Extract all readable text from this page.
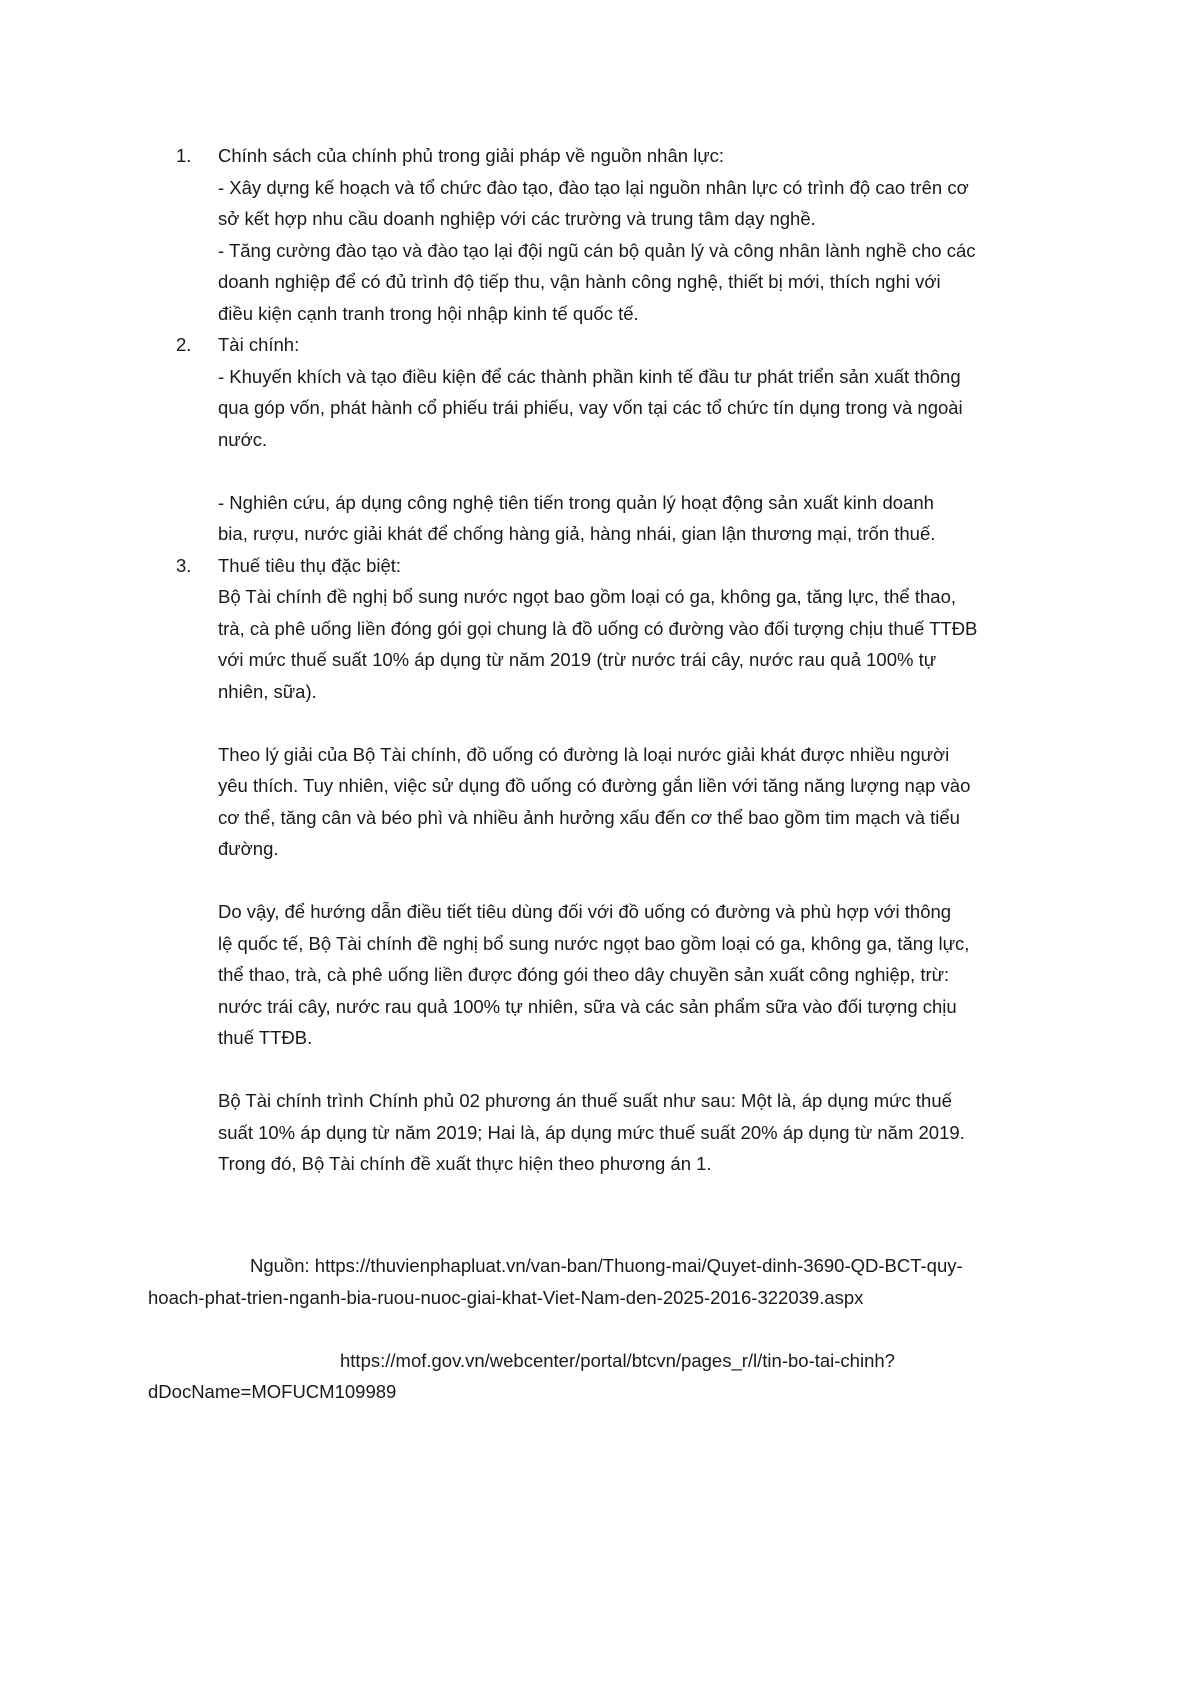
1. Chính sách của chính phủ trong giải pháp về nguồn nhân lực:
- Xây dựng kế hoạch và tổ chức đào tạo, đào tạo lại nguồn nhân lực có trình độ cao trên cơ
sở kết hợp nhu cầu doanh nghiệp với các trường và trung tâm dạy nghề.
- Tăng cường đào tạo và đào tạo lại đội ngũ cán bộ quản lý và công nhân lành nghề cho các
doanh nghiệp để có đủ trình độ tiếp thu, vận hành công nghệ, thiết bị mới, thích nghi với
điều kiện cạnh tranh trong hội nhập kinh tế quốc tế.
2. Tài chính:
- Khuyến khích và tạo điều kiện để các thành phần kinh tế đầu tư phát triển sản xuất thông
qua góp vốn, phát hành cổ phiếu trái phiếu, vay vốn tại các tổ chức tín dụng trong và ngoài
nước.
- Nghiên cứu, áp dụng công nghệ tiên tiến trong quản lý hoạt động sản xuất kinh doanh
bia, rượu, nước giải khát để chống hàng giả, hàng nhái, gian lận thương mại, trốn thuế.
3. Thuế tiêu thụ đặc biệt:
Bộ Tài chính đề nghị bổ sung nước ngọt bao gồm loại có ga, không ga, tăng lực, thể thao,
trà, cà phê uống liền đóng gói gọi chung là đồ uống có đường vào đối tượng chịu thuế TTĐB
với mức thuế suất 10% áp dụng từ năm 2019 (trừ nước trái cây, nước rau quả 100% tự
nhiên, sữa).
Theo lý giải của Bộ Tài chính, đồ uống có đường là loại nước giải khát được nhiều người
yêu thích. Tuy nhiên, việc sử dụng đồ uống có đường gắn liền với tăng năng lượng nạp vào
cơ thể, tăng cân và béo phì và nhiều ảnh hưởng xấu đến cơ thể bao gồm tim mạch và tiểu
đường.
Do vậy, để hướng dẫn điều tiết tiêu dùng đối với đồ uống có đường và phù hợp với thông
lệ quốc tế, Bộ Tài chính đề nghị bổ sung nước ngọt bao gồm loại có ga, không ga, tăng lực,
thể thao, trà, cà phê uống liền được đóng gói theo dây chuyền sản xuất công nghiệp, trừ:
nước trái cây, nước rau quả 100% tự nhiên, sữa và các sản phẩm sữa vào đối tượng chịu
thuế TTĐB.
Bộ Tài chính trình Chính phủ 02 phương án thuế suất như sau: Một là, áp dụng mức thuế
suất 10% áp dụng từ năm 2019; Hai là, áp dụng mức thuế suất 20% áp dụng từ năm 2019.
Trong đó, Bộ Tài chính đề xuất thực hiện theo phương án 1.
Nguồn: https://thuvienphapluat.vn/van-ban/Thuong-mai/Quyet-dinh-3690-QD-BCT-quy-
hoach-phat-trien-nganh-bia-ruou-nuoc-giai-khat-Viet-Nam-den-2025-2016-322039.aspx
https://mof.gov.vn/webcenter/portal/btcvn/pages_r/l/tin-bo-tai-chinh?
dDocName=MOFUCM109989
